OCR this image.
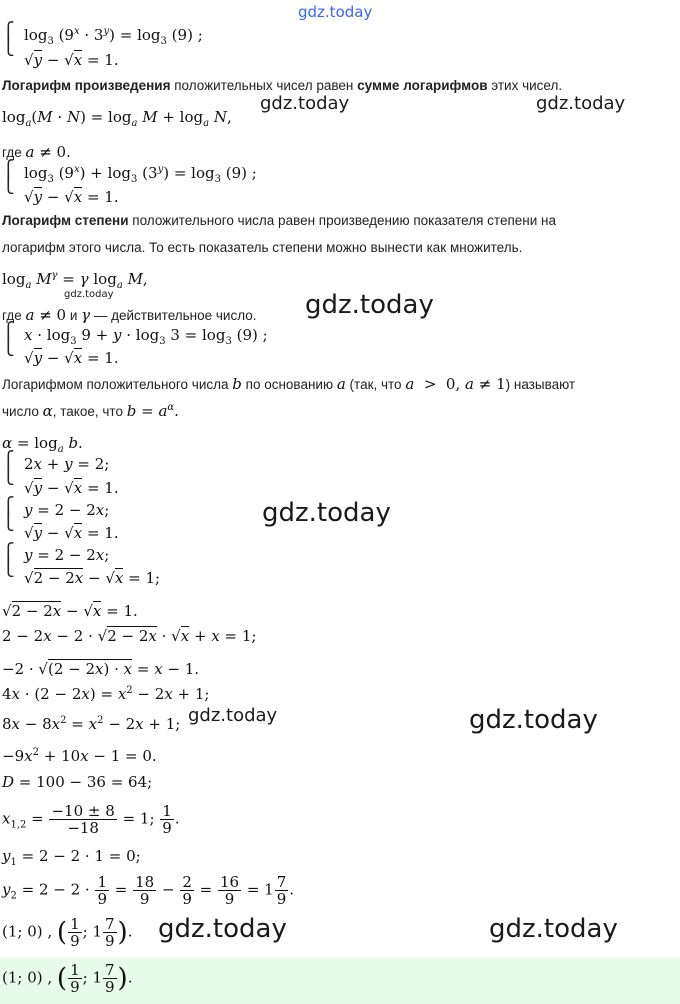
gdz.today
gdz.today	gdz.today
gdz.today	gdz.today
gdz.today
gdz.today	gdz.today
gdz.today	gdz.today
⎧
⎩
$\log_3 (9^x \cdot 3^y) = \log_3 (9)$ ;
√y − √x = 1.
Логарифм произведения положительных чисел равен сумме логарифмов этих чисел.
$\log_a(M \cdot N) = \log_a M + \log_a N$,
где a ≠ 0.
⎧
⎩
$\log_3 (9^x) + \log_3 (3^y) = \log_3 (9)$ ;
√y − √x = 1.
Логарифм степени положительного числа равен произведению показателя степени на
логарифм этого числа. То есть показатель степени можно вынести как множитель.
$\log_a M^\gamma = \gamma$ $\log_a M$,
где a ≠ 0 и γ — действительное число.
⎧
⎩
$x \cdot \log_3 9 + y \cdot \log_3 3 = \log_3 (9)$ ;
√y − √x = 1.
Логарифмом положительного числа b по основанию a (так, что a  >  0, a ≠ 1) называют
число α, такое, что $b = a^\alpha$.
$\alpha = \log_a b$.
⎧
⎩
2x + y = 2;
√y − √x = 1.
⎧
⎩
y = 2 − 2x;
√y − √x = 1.
⎧
⎩
y = 2 − 2x;
√2 − 2x − √x = 1;
√2 − 2x − √x = 1.
2 − 2x − 2 · √2 − 2x · √x + x = 1;
−2 · √(2 − 2x) · x = x − 1.
$4x \cdot (2 - 2x) = x^2 - 2x + 1$;
$8x - 8x^2 = x^2 - 2x + 1$;
$-9x^2 + 10x - 1 = 0$.
D = 100 − 36 = 64;
$x_{1,2} = \frac{-10 \pm 8}{-18} = 1$; $\frac{1}{9}$ .
$y_1 = 2 - 2 \cdot 1 = 0$;
$y_2 = 2 - 2 \cdot \frac{1}{9} = \frac{18}{9} - \frac{2}{9} = \frac{16}{9} = 1 \frac{7}{9}$ .
(1; 0) , ( $\frac{1}{9}$ ; $1 \frac{7}{9}$ ).
(1; 0) , ( $\frac{1}{9}$ ; $1 \frac{7}{9}$ ).
